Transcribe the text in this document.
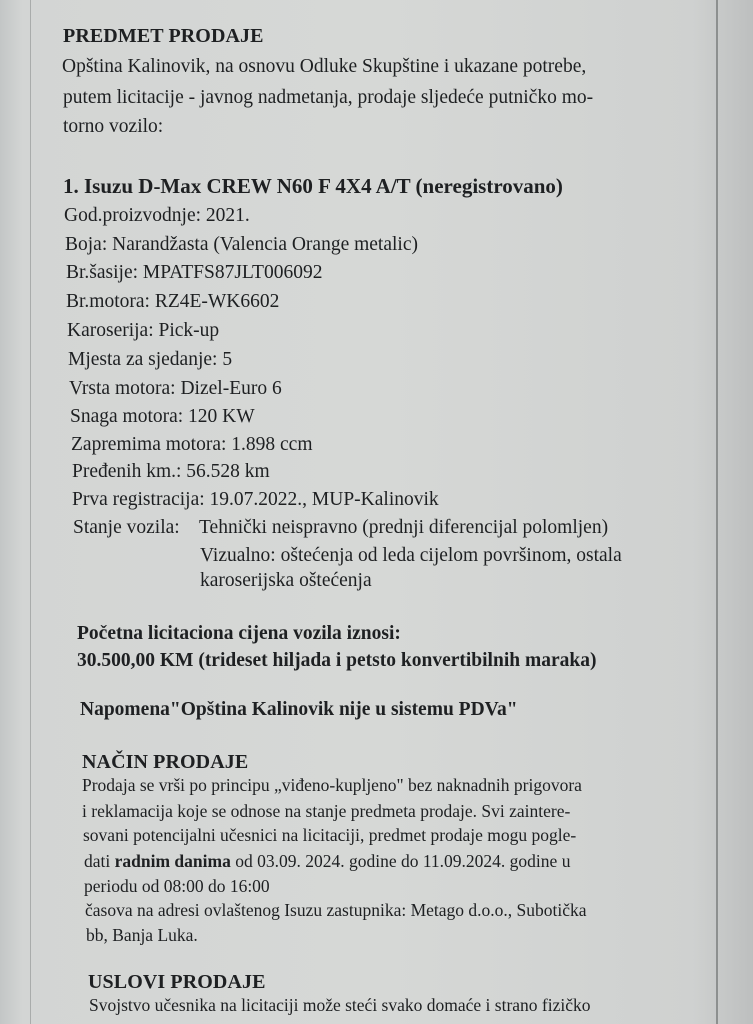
PREDMET PRODAJE
Opština Kalinovik, na osnovu Odluke Skupštine i ukazane potrebe,
putem licitacije - javnog nadmetanja, prodaje sljedeće putničko mo-
torno vozilo:
1. Isuzu D-Max CREW N60 F 4X4 A/T (neregistrovano)
God.proizvodnje: 2021.
Boja: Narandžasta (Valencia Orange metalic)
Br.šasije: MPATFS87JLT006092
Br.motora: RZ4E-WK6602
Karoserija: Pick-up
Mjesta za sjedanje: 5
Vrsta motora: Dizel-Euro 6
Snaga motora: 120 KW
Zapremima motora: 1.898 ccm
Pređenih km.: 56.528 km
Prva registracija: 19.07.2022., MUP-Kalinovik
Stanje vozila: Tehnički neispravno (prednji diferencijal polomljen)
Vizualno: oštećenja od leda cijelom površinom, ostala
karoserijska oštećenja
Početna licitaciona cijena vozila iznosi:
30.500,00 KM (trideset hiljada i petsto konvertibilnih maraka)
Napomena"Opština Kalinovik nije u sistemu PDVa"
NAČIN PRODAJE
Prodaja se vrši po principu „viđeno-kupljeno" bez naknadnih prigovora
i reklamacija koje se odnose na stanje predmeta prodaje. Svi zaintere-
sovani potencijalni učesnici na licitaciji, predmet prodaje mogu pogle-
dati radnim danima od 03.09. 2024. godine do 11.09.2024. godine u
periodu od 08:00 do 16:00
časova na adresi ovlaštenog Isuzu zastupnika: Metago d.o.o., Subotička
bb, Banja Luka.
USLOVI PRODAJE
Svojstvo učesnika na licitaciji može steći svako domaće i strano fizičko
